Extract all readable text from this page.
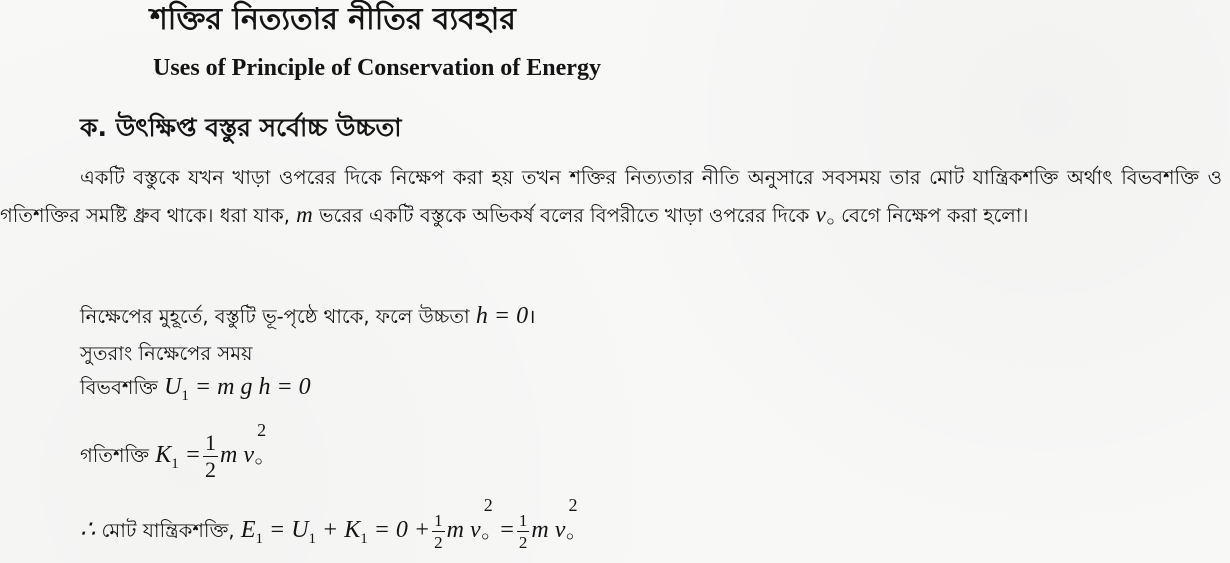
শক্তির নিত্যতার নীতির ব্যবহার
Uses of Principle of Conservation of Energy
ক. উৎক্ষিপ্ত বস্তুর সর্বোচ্চ উচ্চতা
একটি বস্তুকে যখন খাড়া ওপরের দিকে নিক্ষেপ করা হয় তখন শক্তির নিত্যতার নীতি অনুসারে সবসময় তার মোট যান্ত্রিকশক্তি অর্থাৎ বিভবশক্তি ও গতিশক্তির সমষ্টি ধ্রুব থাকে। ধরা যাক, m ভরের একটি বস্তুকে অভিকর্ষ বলের বিপরীতে খাড়া ওপরের দিকে v০ বেগে নিক্ষেপ করা হলো।
নিক্ষেপের মুহূর্তে, বস্তুটি ভূ-পৃষ্ঠে থাকে, ফলে উচ্চতা h = 0।
সুতরাং নিক্ষেপের সময়
বিভবশক্তি $U_1 = m$ g h = 0
গতিশক্তি $K_1 = \frac{1}{2}$ m $v০^2$
∴ মোট যান্ত্রিকশক্তি, $E_1 = U_1 + K_1 = 0 + \frac{1}{2}$ m $v০^2= \frac{1}{2}$ m $v০^2$
